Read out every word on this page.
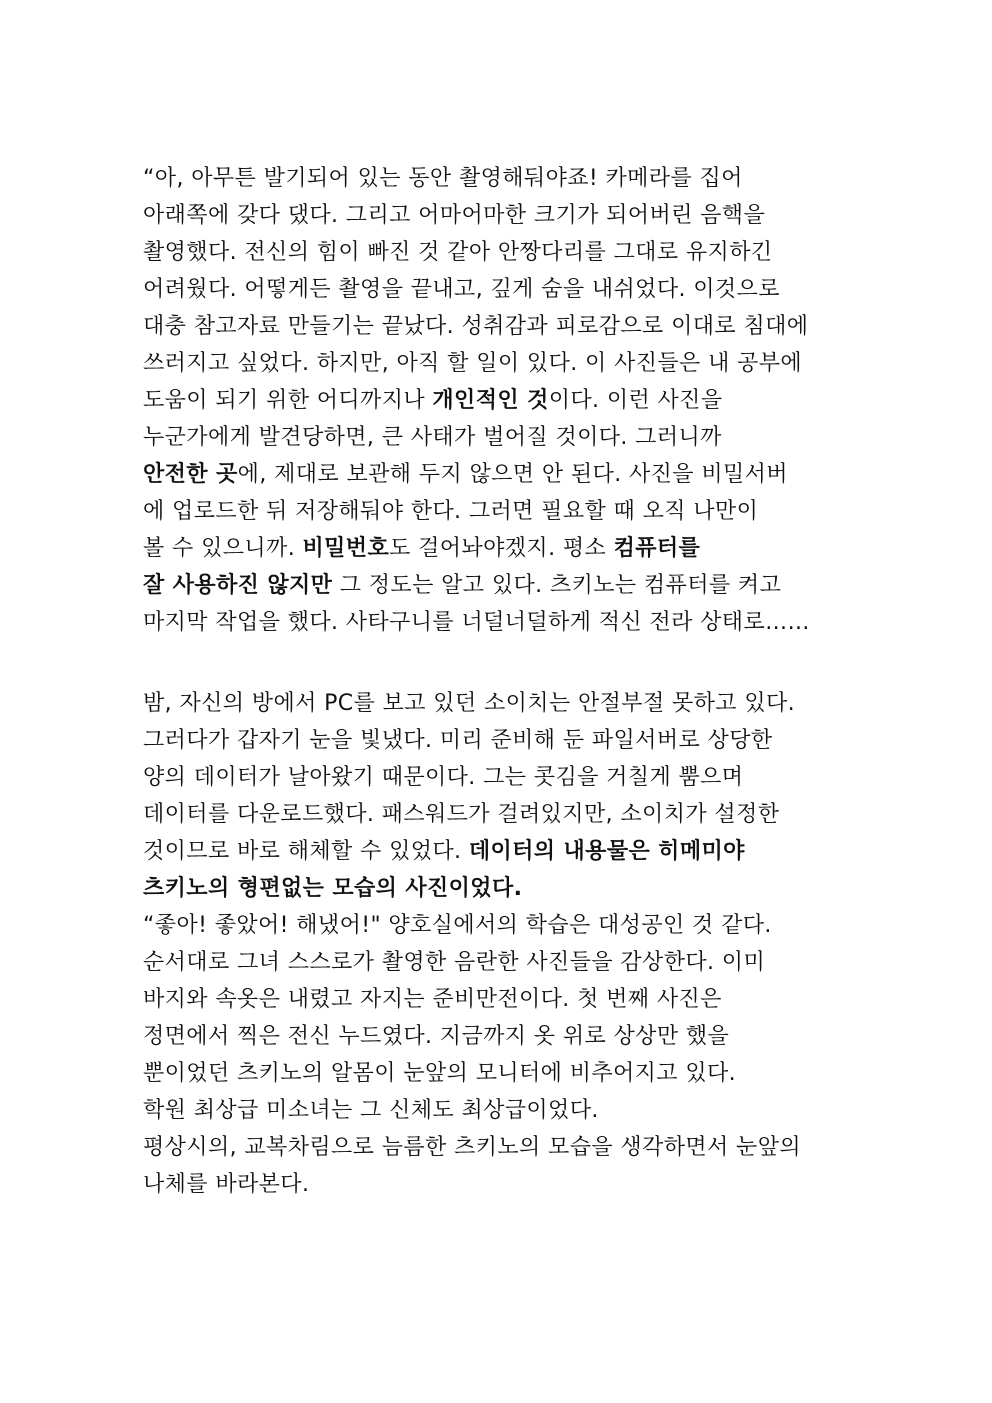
“아, 아무튼 발기되어 있는 동안 촬영해둬야죠! 카메라를 집어
아래쪽에 갖다 댔다. 그리고 어마어마한 크기가 되어버린 음핵을
촬영했다. 전신의 힘이 빠진 것 같아 안짱다리를 그대로 유지하긴
어려웠다. 어떻게든 촬영을 끝내고, 깊게 숨을 내쉬었다. 이것으로
대충 참고자료 만들기는 끝났다. 성취감과 피로감으로 이대로 침대에
쓰러지고 싶었다. 하지만, 아직 할 일이 있다. 이 사진들은 내 공부에
도움이 되기 위한 어디까지나 개인적인 것이다. 이런 사진을
누군가에게 발견당하면, 큰 사태가 벌어질 것이다. 그러니까
안전한 곳에, 제대로 보관해 두지 않으면 안 된다. 사진을 비밀서버
에 업로드한 뒤 저장해둬야 한다. 그러면 필요할 때 오직 나만이
볼 수 있으니까. 비밀번호도 걸어놔야겠지. 평소 컴퓨터를
잘 사용하진 않지만 그 정도는 알고 있다. 츠키노는 컴퓨터를 켜고
마지막 작업을 했다. 사타구니를 너덜너덜하게 적신 전라 상태로……
밤, 자신의 방에서 PC를 보고 있던 소이치는 안절부절 못하고 있다.
그러다가 갑자기 눈을 빛냈다. 미리 준비해 둔 파일서버로 상당한
양의 데이터가 날아왔기 때문이다. 그는 콧김을 거칠게 뿜으며
데이터를 다운로드했다. 패스워드가 걸려있지만, 소이치가 설정한
것이므로 바로 해체할 수 있었다. 데이터의 내용물은 히메미야
츠키노의 형편없는 모습의 사진이었다.
“좋아! 좋았어! 해냈어!" 양호실에서의 학습은 대성공인 것 같다.
순서대로 그녀 스스로가 촬영한 음란한 사진들을 감상한다. 이미
바지와 속옷은 내렸고 자지는 준비만전이다. 첫 번째 사진은
정면에서 찍은 전신 누드였다. 지금까지 옷 위로 상상만 했을
뿐이었던 츠키노의 알몸이 눈앞의 모니터에 비추어지고 있다.
학원 최상급 미소녀는 그 신체도 최상급이었다.
평상시의, 교복차림으로 늠름한 츠키노의 모습을 생각하면서 눈앞의
나체를 바라본다.
